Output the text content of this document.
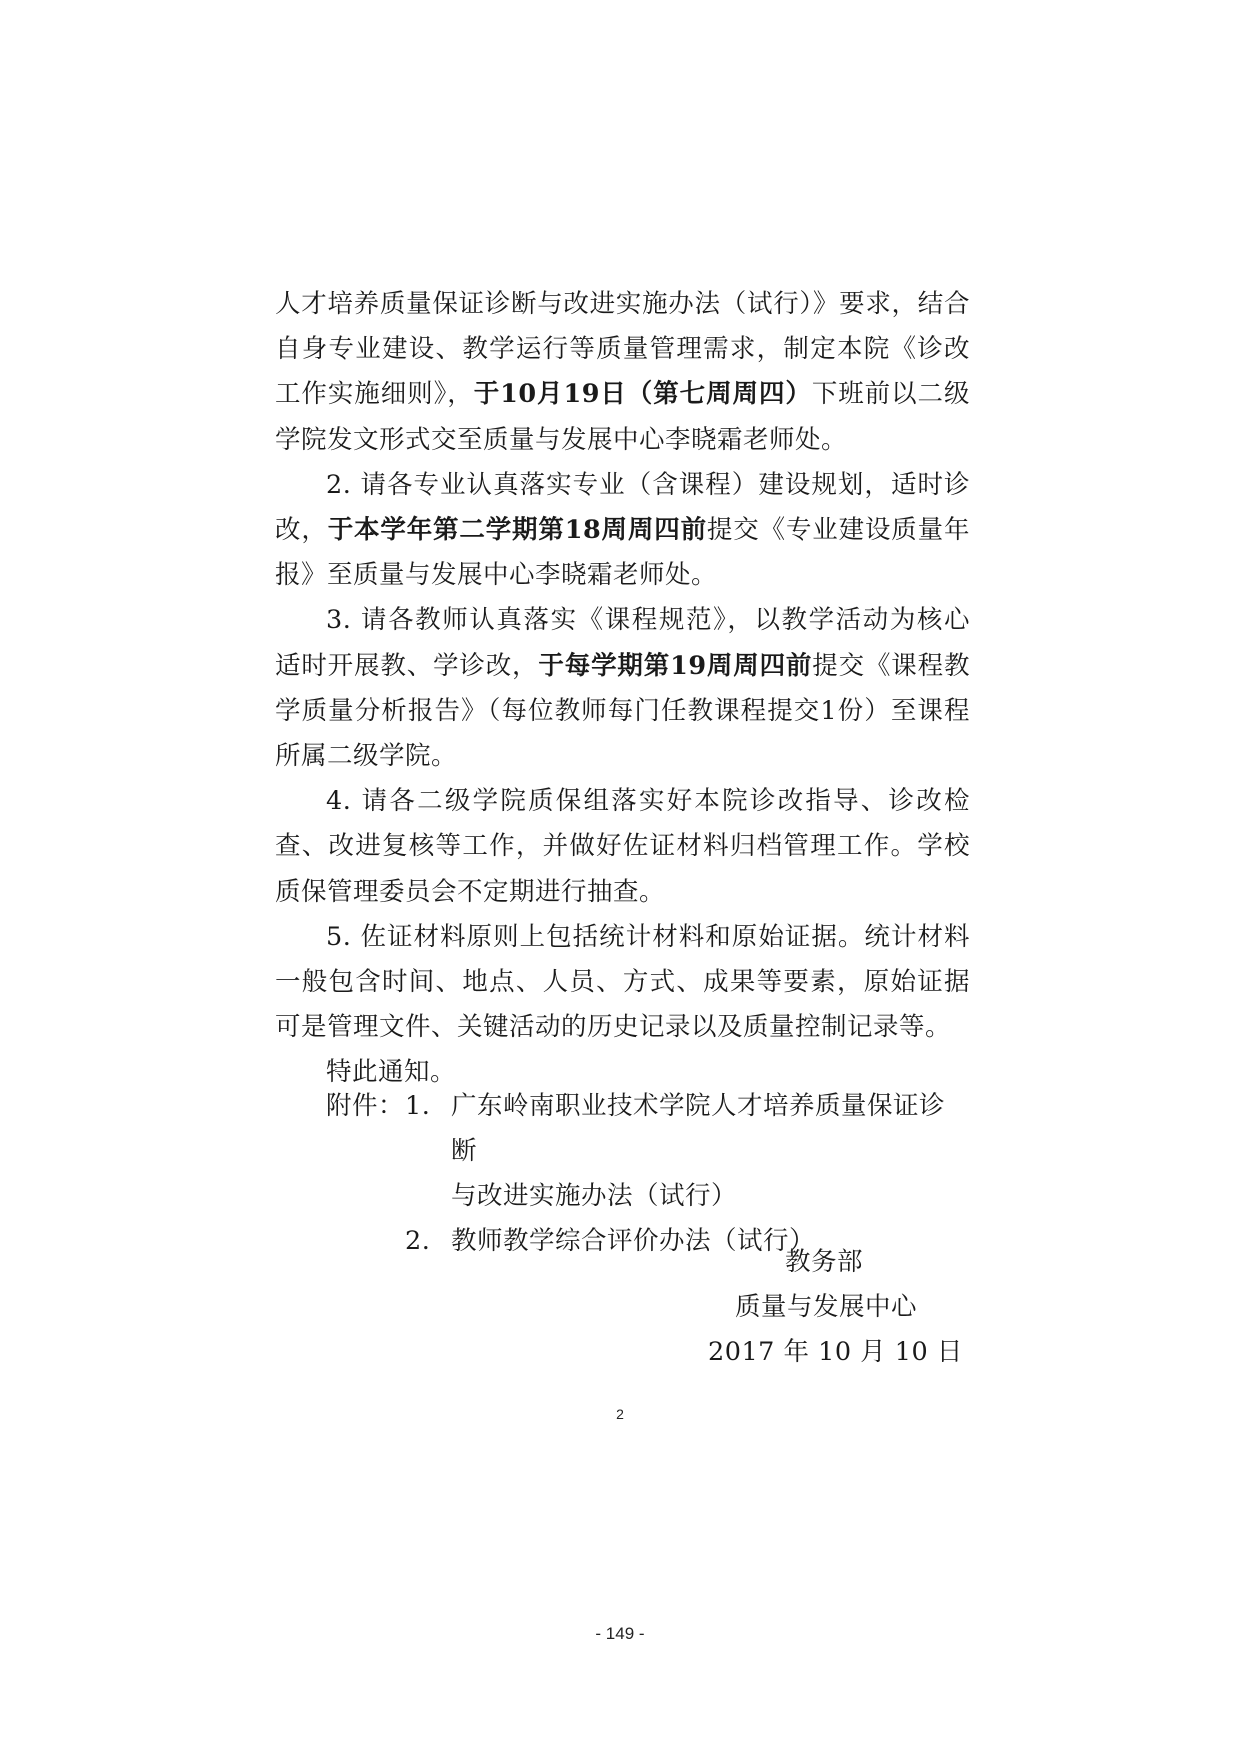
人才培养质量保证诊断与改进实施办法（试行）》要求，结合自身专业建设、教学运行等质量管理需求，制定本院《诊改工作实施细则》，于10月19日（第七周周四）下班前以二级学院发文形式交至质量与发展中心李晓霜老师处。

2. 请各专业认真落实专业（含课程）建设规划，适时诊改，于本学年第二学期第18周周四前提交《专业建设质量年报》至质量与发展中心李晓霜老师处。

3. 请各教师认真落实《课程规范》，以教学活动为核心适时开展教、学诊改，于每学期第19周周四前提交《课程教学质量分析报告》（每位教师每门任教课程提交1份）至课程所属二级学院。

4. 请各二级学院质保组落实好本院诊改指导、诊改检查、改进复核等工作，并做好佐证材料归档管理工作。学校质保管理委员会不定期进行抽查。

5. 佐证材料原则上包括统计材料和原始证据。统计材料一般包含时间、地点、人员、方式、成果等要素，原始证据可是管理文件、关键活动的历史记录以及质量控制记录等。

特此通知。

附件： 1. 广东岭南职业技术学院人才培养质量保证诊断
与改进实施办法（试行）
2. 教师教学综合评价办法（试行）
教务部
质量与发展中心
2017 年 10 月 10 日
2
- 149 -
